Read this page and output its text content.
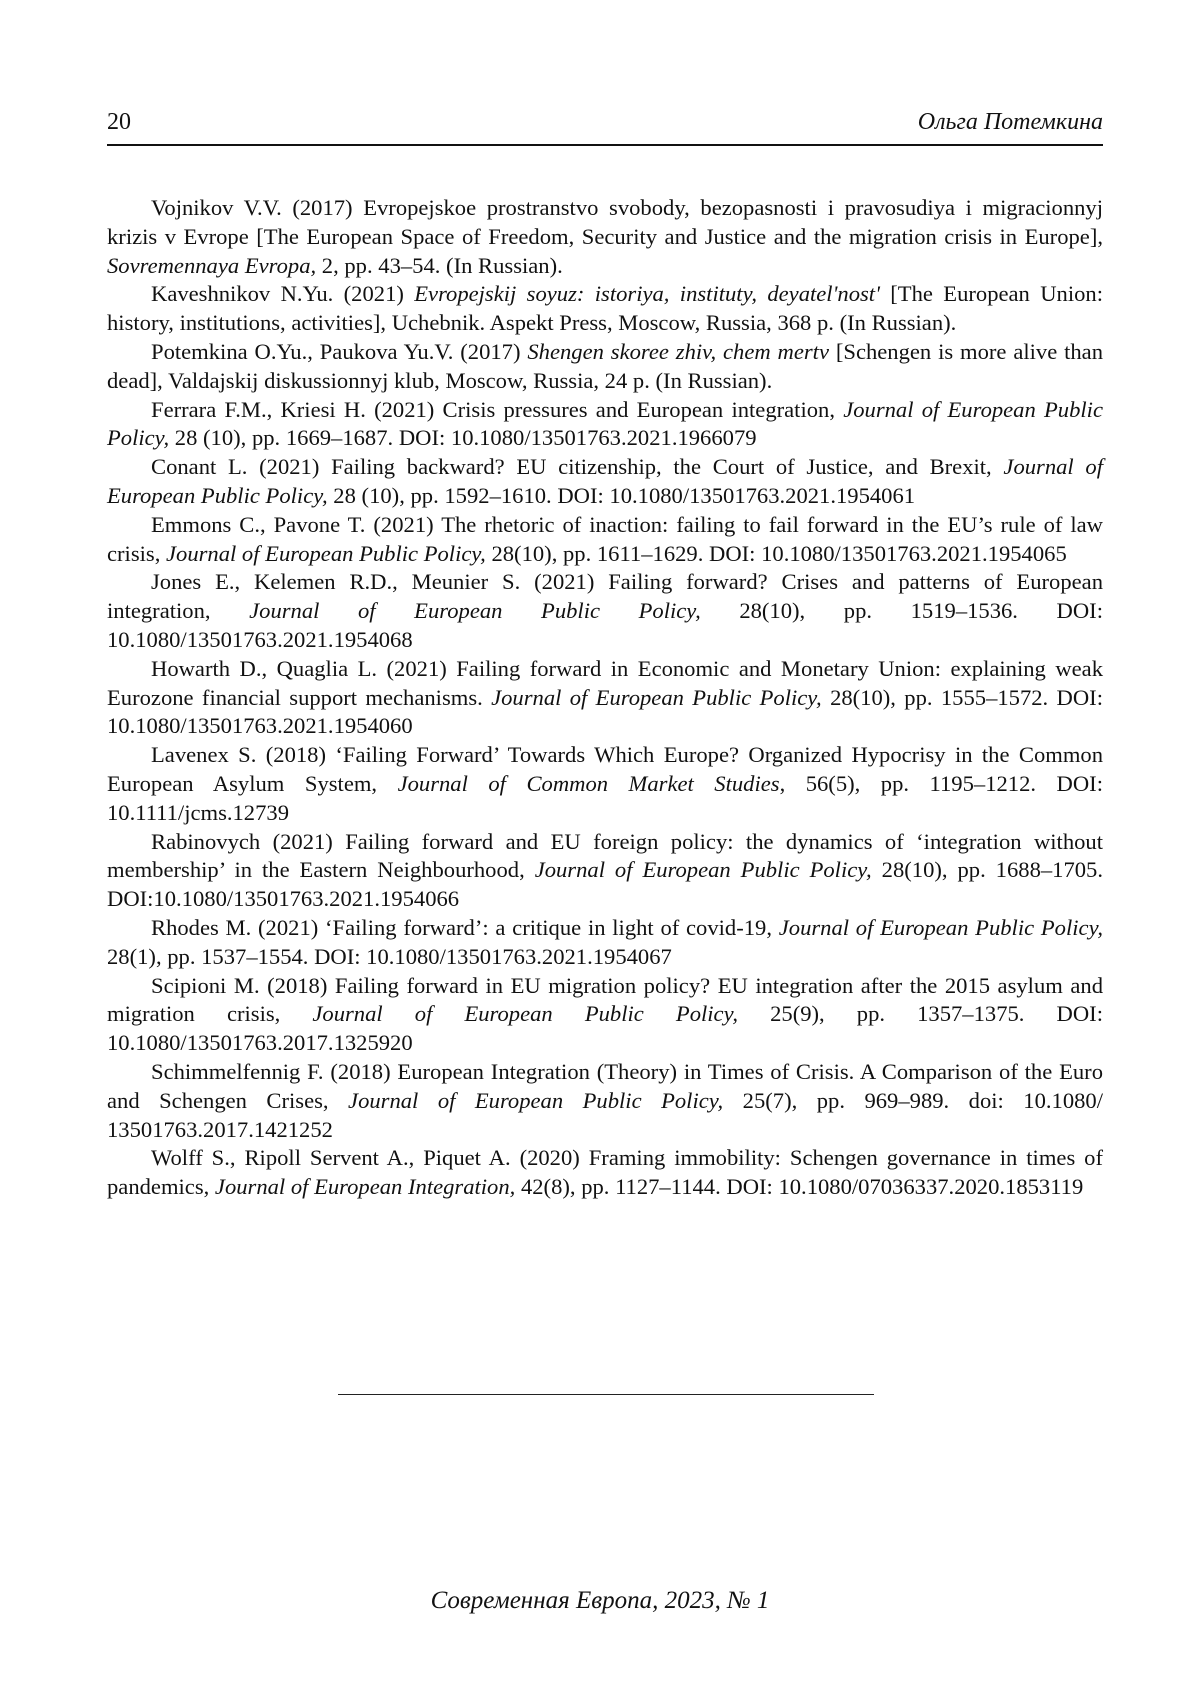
20	Ольга Потемкина

Vojnikov V.V. (2017) Evropejskoe prostranstvo svobody, bezopasnosti i pravosudiya i migracionnyj krizis v Evrope [The European Space of Freedom, Security and Justice and the migration crisis in Europe], Sovremennaya Evropa, 2, pp. 43–54. (In Russian).

Kaveshnikov N.Yu. (2021) Evropejskij soyuz: istoriya, instituty, deyatel'nost' [The European Union: history, institutions, activities], Uchebnik. Aspekt Press, Moscow, Russia, 368 p. (In Russian).

Potemkina O.Yu., Paukova Yu.V. (2017) Shengen skoree zhiv, chem mertv [Schengen is more alive than dead], Valdajskij diskussionnyj klub, Moscow, Russia, 24 p. (In Russian).

Ferrara F.M., Kriesi H. (2021) Crisis pressures and European integration, Journal of European Public Policy, 28 (10), pp. 1669–1687. DOI: 10.1080/13501763.2021.1966079

Conant L. (2021) Failing backward? EU citizenship, the Court of Justice, and Brexit, Journal of European Public Policy, 28 (10), pp. 1592–1610. DOI: 10.1080/13501763.2021.1954061

Emmons C., Pavone T. (2021) The rhetoric of inaction: failing to fail forward in the EU’s rule of law crisis, Journal of European Public Policy, 28(10), pp. 1611–1629. DOI: 10.1080/13501763.2021.1954065

Jones E., Kelemen R.D., Meunier S. (2021) Failing forward? Crises and patterns of European integration, Journal of European Public Policy, 28(10), pp. 1519–1536. DOI: 10.1080/13501763.2021.1954068

Howarth D., Quaglia L. (2021) Failing forward in Economic and Monetary Union: explaining weak Eurozone financial support mechanisms. Journal of European Public Policy, 28(10), pp. 1555–1572. DOI: 10.1080/13501763.2021.1954060

Lavenex S. (2018) ‘Failing Forward’ Towards Which Europe? Organized Hypocrisy in the Common European Asylum System, Journal of Common Market Studies, 56(5), pp. 1195–1212. DOI: 10.1111/jcms.12739

Rabinovych (2021) Failing forward and EU foreign policy: the dynamics of ‘integration without membership’ in the Eastern Neighbourhood, Journal of European Public Policy, 28(10), pp. 1688–1705. DOI:10.1080/13501763.2021.1954066

Rhodes M. (2021) ‘Failing forward’: a critique in light of covid-19, Journal of European Public Policy, 28(1), pp. 1537–1554. DOI: 10.1080/13501763.2021.1954067

Scipioni M. (2018) Failing forward in EU migration policy? EU integration after the 2015 asylum and migration crisis, Journal of European Public Policy, 25(9), pp. 1357–1375. DOI: 10.1080/13501763.2017.1325920

Schimmelfennig F. (2018) European Integration (Theory) in Times of Crisis. A Comparison of the Euro and Schengen Crises, Journal of European Public Policy, 25(7), pp. 969–989. doi: 10.1080/ 13501763.2017.1421252

Wolff S., Ripoll Servent A., Piquet A. (2020) Framing immobility: Schengen governance in times of pandemics, Journal of European Integration, 42(8), pp. 1127–1144. DOI: 10.1080/07036337.2020.1853119

Современная Европа, 2023, № 1
